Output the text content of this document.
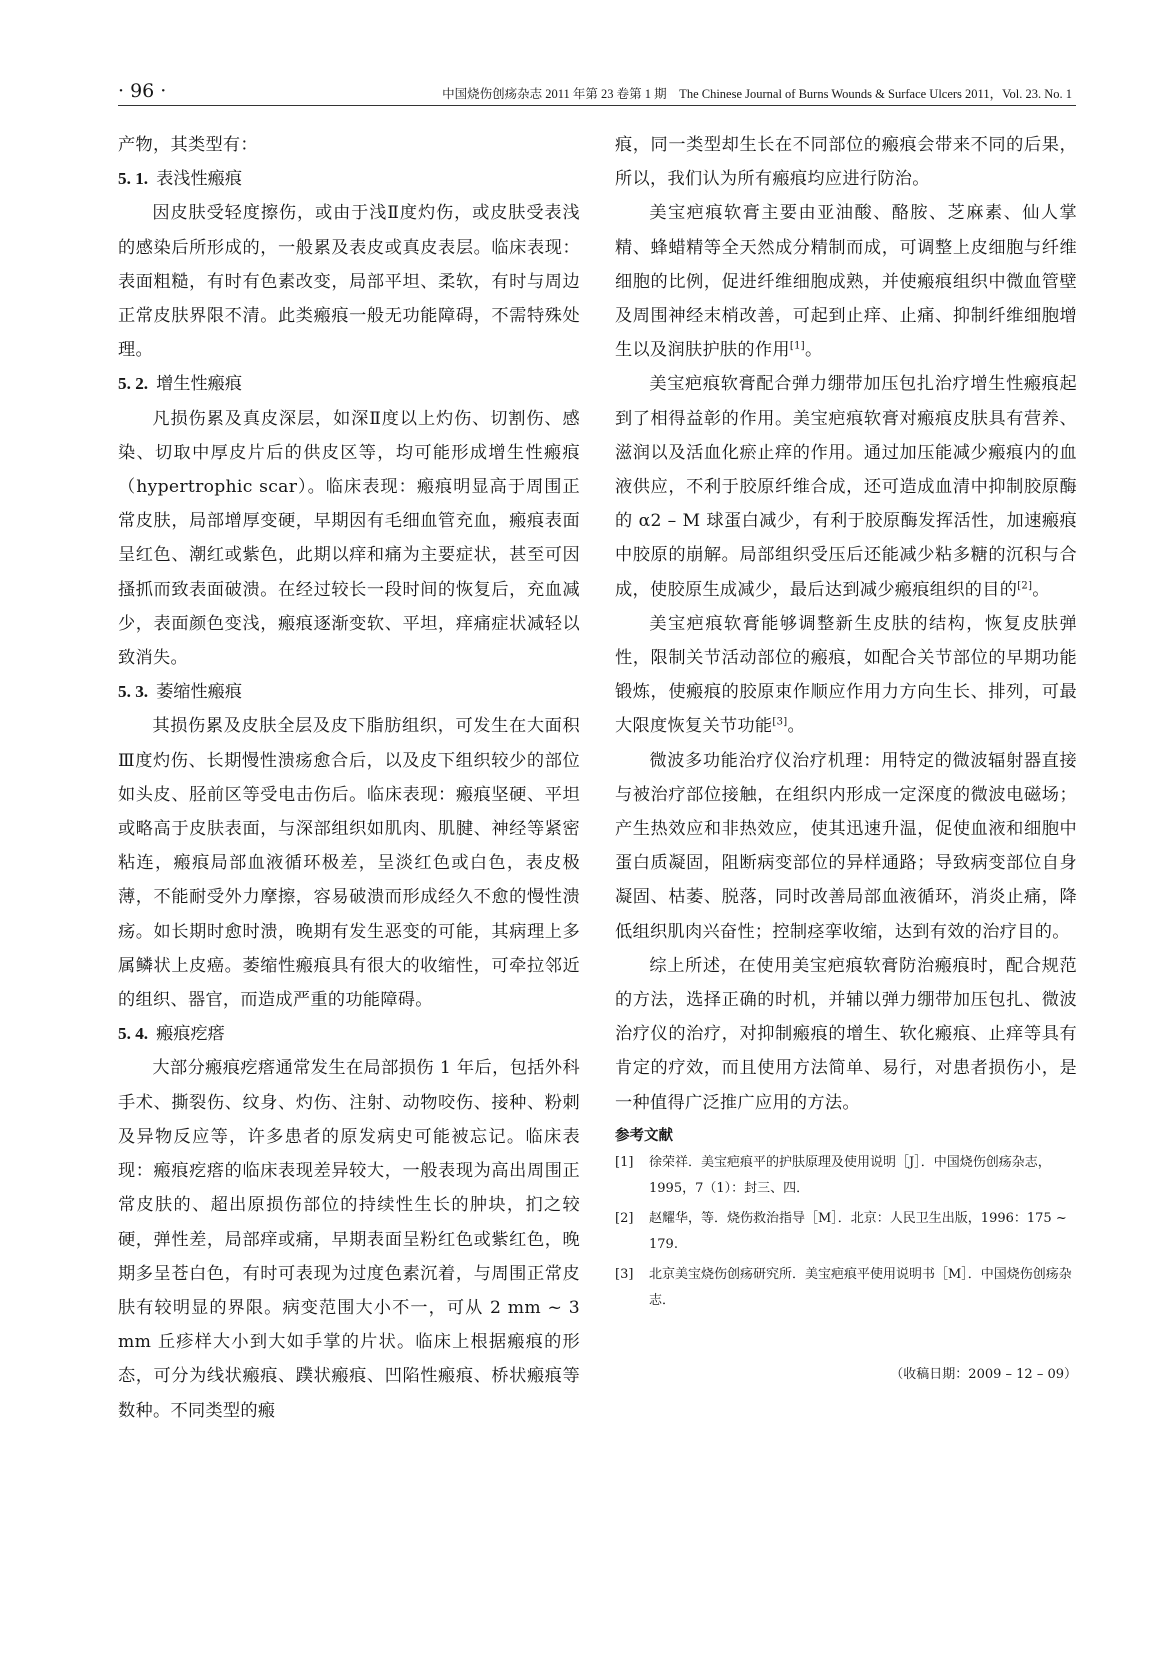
· 96 ·	中国烧伤创疡杂志 2011 年第 23 卷第 1 期　The Chinese Journal of Burns Wounds & Surface Ulcers 2011，Vol. 23. No. 1

产物，其类型有：

5. 1. 表浅性瘢痕

因皮肤受轻度擦伤，或由于浅Ⅱ度灼伤，或皮肤受表浅的感染后所形成的，一般累及表皮或真皮表层。临床表现：表面粗糙，有时有色素改变，局部平坦、柔软，有时与周边正常皮肤界限不清。此类瘢痕一般无功能障碍，不需特殊处理。

5. 2. 增生性瘢痕

凡损伤累及真皮深层，如深Ⅱ度以上灼伤、切割伤、感染、切取中厚皮片后的供皮区等，均可能形成增生性瘢痕（hypertrophic scar）。临床表现：瘢痕明显高于周围正常皮肤，局部增厚变硬，早期因有毛细血管充血，瘢痕表面呈红色、潮红或紫色，此期以痒和痛为主要症状，甚至可因搔抓而致表面破溃。在经过较长一段时间的恢复后，充血减少，表面颜色变浅，瘢痕逐渐变软、平坦，痒痛症状减轻以致消失。

5. 3. 萎缩性瘢痕

其损伤累及皮肤全层及皮下脂肪组织，可发生在大面积Ⅲ度灼伤、长期慢性溃疡愈合后，以及皮下组织较少的部位如头皮、胫前区等受电击伤后。临床表现：瘢痕坚硬、平坦或略高于皮肤表面，与深部组织如肌肉、肌腱、神经等紧密粘连，瘢痕局部血液循环极差，呈淡红色或白色，表皮极薄，不能耐受外力摩擦，容易破溃而形成经久不愈的慢性溃疡。如长期时愈时溃，晚期有发生恶变的可能，其病理上多属鳞状上皮癌。萎缩性瘢痕具有很大的收缩性，可牵拉邻近的组织、器官，而造成严重的功能障碍。

5. 4. 瘢痕疙瘩

大部分瘢痕疙瘩通常发生在局部损伤 1 年后，包括外科手术、撕裂伤、纹身、灼伤、注射、动物咬伤、接种、粉刺及异物反应等，许多患者的原发病史可能被忘记。临床表现：瘢痕疙瘩的临床表现差异较大，一般表现为高出周围正常皮肤的、超出原损伤部位的持续性生长的肿块，扪之较硬，弹性差，局部痒或痛，早期表面呈粉红色或紫红色，晚期多呈苍白色，有时可表现为过度色素沉着，与周围正常皮肤有较明显的界限。病变范围大小不一，可从 2 mm ~ 3 mm 丘疹样大小到大如手掌的片状。临床上根据瘢痕的形态，可分为线状瘢痕、蹼状瘢痕、凹陷性瘢痕、桥状瘢痕等数种。不同类型的瘢

痕，同一类型却生长在不同部位的瘢痕会带来不同的后果，所以，我们认为所有瘢痕均应进行防治。

美宝疤痕软膏主要由亚油酸、酪胺、芝麻素、仙人掌精、蜂蜡精等全天然成分精制而成，可调整上皮细胞与纤维细胞的比例，促进纤维细胞成熟，并使瘢痕组织中微血管壁及周围神经末梢改善，可起到止痒、止痛、抑制纤维细胞增生以及润肤护肤的作用[1]。

美宝疤痕软膏配合弹力绷带加压包扎治疗增生性瘢痕起到了相得益彰的作用。美宝疤痕软膏对瘢痕皮肤具有营养、滋润以及活血化瘀止痒的作用。通过加压能减少瘢痕内的血液供应，不利于胶原纤维合成，还可造成血清中抑制胶原酶的 α2 – M 球蛋白减少，有利于胶原酶发挥活性，加速瘢痕中胶原的崩解。局部组织受压后还能减少粘多糖的沉积与合成，使胶原生成减少，最后达到减少瘢痕组织的目的[2]。

美宝疤痕软膏能够调整新生皮肤的结构，恢复皮肤弹性，限制关节活动部位的瘢痕，如配合关节部位的早期功能锻炼，使瘢痕的胶原束作顺应作用力方向生长、排列，可最大限度恢复关节功能[3]。

微波多功能治疗仪治疗机理：用特定的微波辐射器直接与被治疗部位接触，在组织内形成一定深度的微波电磁场；产生热效应和非热效应，使其迅速升温，促使血液和细胞中蛋白质凝固，阻断病变部位的异样通路；导致病变部位自身凝固、枯萎、脱落，同时改善局部血液循环，消炎止痛，降低组织肌肉兴奋性；控制痉挛收缩，达到有效的治疗目的。

综上所述，在使用美宝疤痕软膏防治瘢痕时，配合规范的方法，选择正确的时机，并辅以弹力绷带加压包扎、微波治疗仪的治疗，对抑制瘢痕的增生、软化瘢痕、止痒等具有肯定的疗效，而且使用方法简单、易行，对患者损伤小，是一种值得广泛推广应用的方法。

参考文献
[1]	徐荣祥．美宝疤痕平的护肤原理及使用说明［J］．中国烧伤创疡杂志，1995，7（1）：封三、四．
[2]	赵耀华，等．烧伤救治指导［M］．北京：人民卫生出版，1996：175 ~ 179.
[3]	北京美宝烧伤创疡研究所．美宝疤痕平使用说明书［M］．中国烧伤创疡杂志．
（收稿日期：2009 – 12 – 09）
